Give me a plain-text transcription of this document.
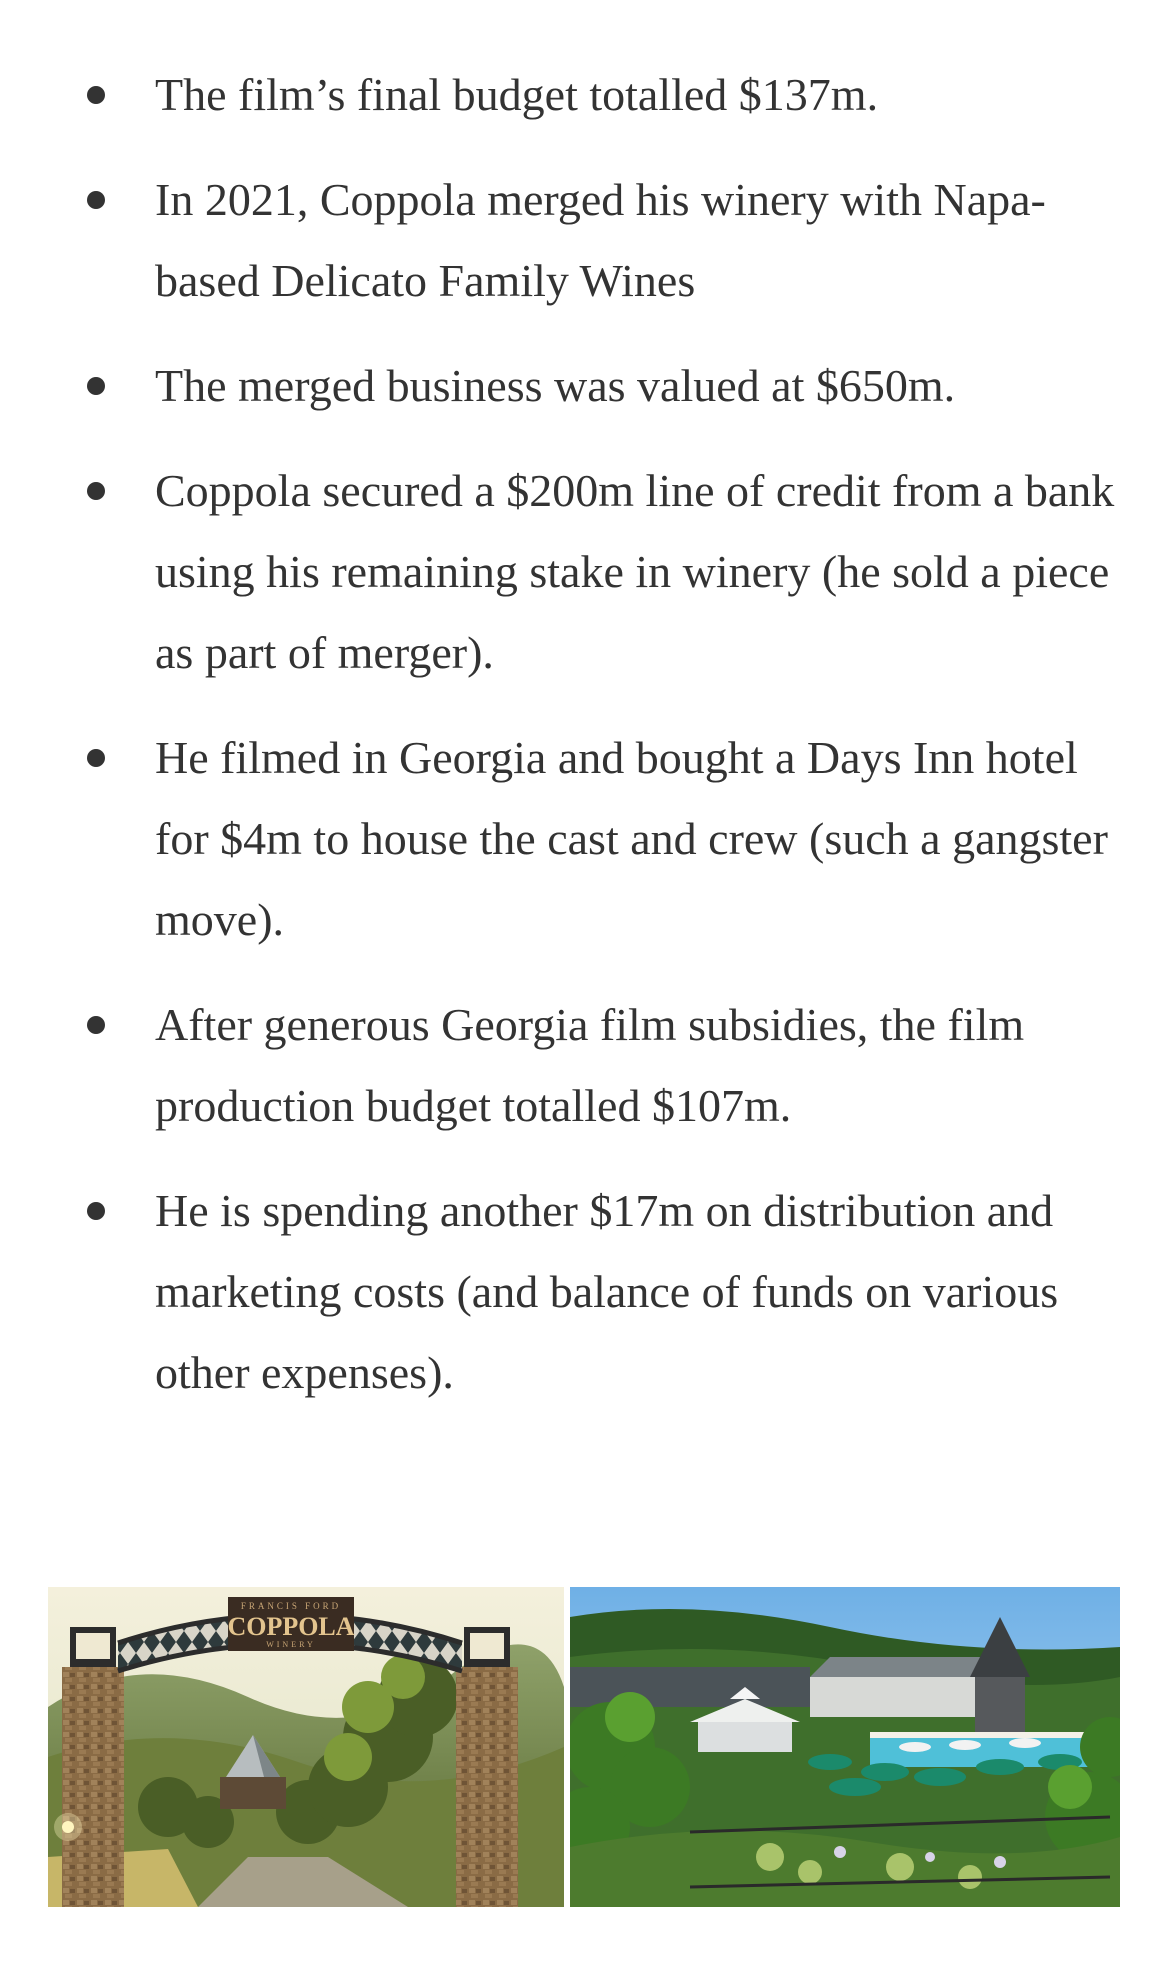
The film’s final budget totalled $137m.
In 2021, Coppola merged his winery with Napa-based Delicato Family Wines
The merged business was valued at $650m.
Coppola secured a $200m line of credit from a bank using his remaining stake in winery (he sold a piece as part of merger).
He filmed in Georgia and bought a Days Inn hotel for $4m to house the cast and crew (such a gangster move).
After generous Georgia film subsidies, the film production budget totalled $107m.
He is spending another $17m on distribution and marketing costs (and balance of funds on various other expenses).
FRANCIS FORD
COPPOLA
WINERY
